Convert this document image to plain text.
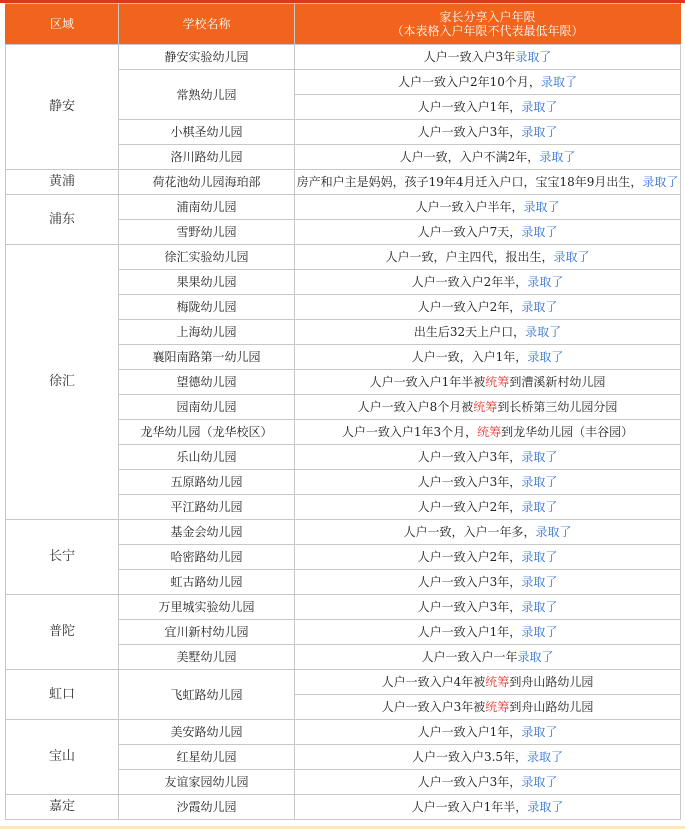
区域	学校名称	家长分享入户年限
（本表格入户年限不代表最低年限）

静安	静安实验幼儿园	人户一致入户3年录取了
	常熟幼儿园	人户一致入户2年10个月，录取了
		人户一致入户1年，录取了
	小棋圣幼儿园	人户一致入户3年，录取了
	洛川路幼儿园	人户一致，入户不满2年，录取了
黄浦	荷花池幼儿园海珀部	房产和户主是妈妈，孩子19年4月迁入户口，宝宝18年9月出生，录取了
浦东	浦南幼儿园	人户一致入户半年，录取了
	雪野幼儿园	人户一致入户7天，录取了
徐汇	徐汇实验幼儿园	人户一致，户主四代，报出生，录取了
	果果幼儿园	人户一致入户2年半，录取了
	梅陇幼儿园	人户一致入户2年，录取了
	上海幼儿园	出生后32天上户口，录取了
	襄阳南路第一幼儿园	人户一致，入户1年，录取了
	望德幼儿园	人户一致入户1年半被统筹到漕溪新村幼儿园
	园南幼儿园	人户一致入户8个月被统筹到长桥第三幼儿园分园
	龙华幼儿园（龙华校区）	人户一致入户1年3个月，统筹到龙华幼儿园（丰谷园）
	乐山幼儿园	人户一致入户3年，录取了
	五原路幼儿园	人户一致入户3年，录取了
	平江路幼儿园	人户一致入户2年，录取了
长宁	基金会幼儿园	人户一致，入户一年多，录取了
	哈密路幼儿园	人户一致入户2年，录取了
	虹古路幼儿园	人户一致入户3年，录取了
普陀	万里城实验幼儿园	人户一致入户3年，录取了
	宜川新村幼儿园	人户一致入户1年，录取了
	美墅幼儿园	人户一致入户一年录取了
虹口	飞虹路幼儿园	人户一致入户4年被统筹到舟山路幼儿园
		人户一致入户3年被统筹到舟山路幼儿园
宝山	美安路幼儿园	人户一致入户1年，录取了
	红星幼儿园	人户一致入户3.5年，录取了
	友谊家园幼儿园	人户一致入户3年，录取了
嘉定	沙霞幼儿园	人户一致入户1年半，录取了
